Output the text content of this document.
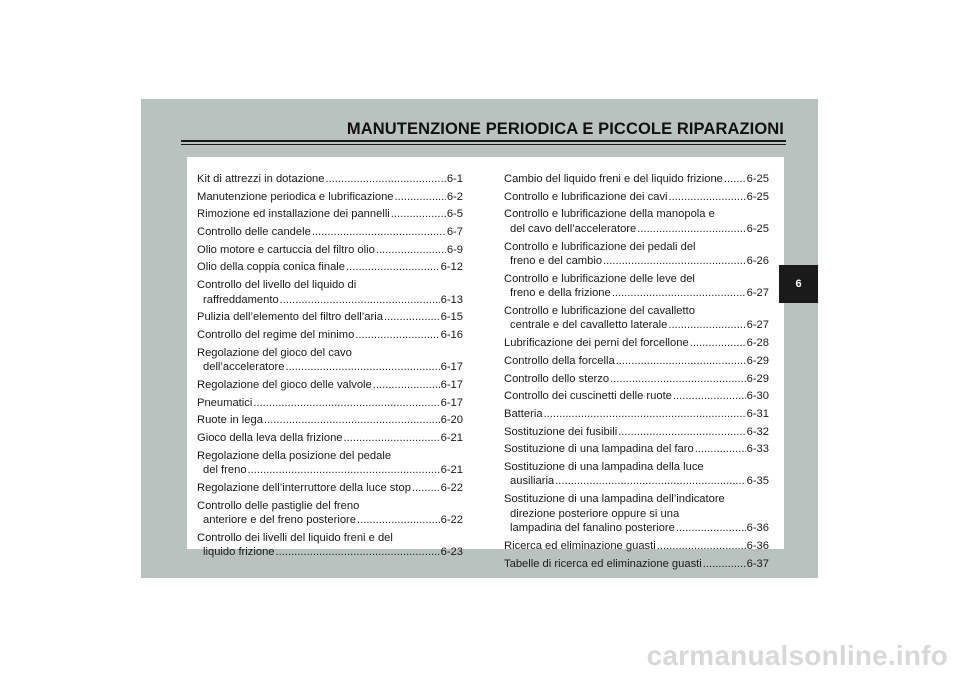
MANUTENZIONE PERIODICA E PICCOLE RIPARAZIONI
Kit di attrezzi in dotazione .....	6-1
Manutenzione periodica e lubrificazione .....	6-2
Rimozione ed installazione dei pannelli .....	6-5
Controllo delle candele .....	6-7
Olio motore e cartuccia del filtro olio .....	6-9
Olio della coppia conica finale .....	6-12
Controllo del livello del liquido di
raffreddamento .....	6-13
Pulizia dell’elemento del filtro dell’aria .....	6-15
Controllo del regime del minimo .....	6-16
Regolazione del gioco del cavo
dell’acceleratore .....	6-17
Regolazione del gioco delle valvole .....	6-17
Pneumatici .....	6-17
Ruote in lega .....	6-20
Gioco della leva della frizione .....	6-21
Regolazione della posizione del pedale
del freno .....	6-21
Regolazione dell’interruttore della luce stop .....	6-22
Controllo delle pastiglie del freno
anteriore e del freno posteriore .....	6-22
Controllo dei livelli del liquido freni e del
liquido frizione .....	6-23
Cambio del liquido freni e del liquido frizione ..... 6-25
Controllo e lubrificazione dei cavi .....	6-25
Controllo e lubrificazione della manopola e
del cavo dell’acceleratore .....	6-25
Controllo e lubrificazione dei pedali del
freno e del cambio .....	6-26
Controllo e lubrificazione delle leve del
freno e della frizione .....	6-27
Controllo e lubrificazione del cavalletto
centrale e del cavalletto laterale .....	6-27
Lubrificazione dei perni del forcellone .....	6-28
Controllo della forcella .....	6-29
Controllo dello sterzo .....	6-29
Controllo dei cuscinetti delle ruote .....	6-30
Batteria .....	6-31
Sostituzione dei fusibili .....	6-32
Sostituzione di una lampadina del faro .....	6-33
Sostituzione di una lampadina della luce
ausiliaria .....	6-35
Sostituzione di una lampadina dell’indicatore
direzione posteriore oppure si una
lampadina del fanalino posteriore .....	6-36
Ricerca ed eliminazione guasti .....	6-36
Tabelle di ricerca ed eliminazione guasti .....	6-37
6
carmanualsonline.info
